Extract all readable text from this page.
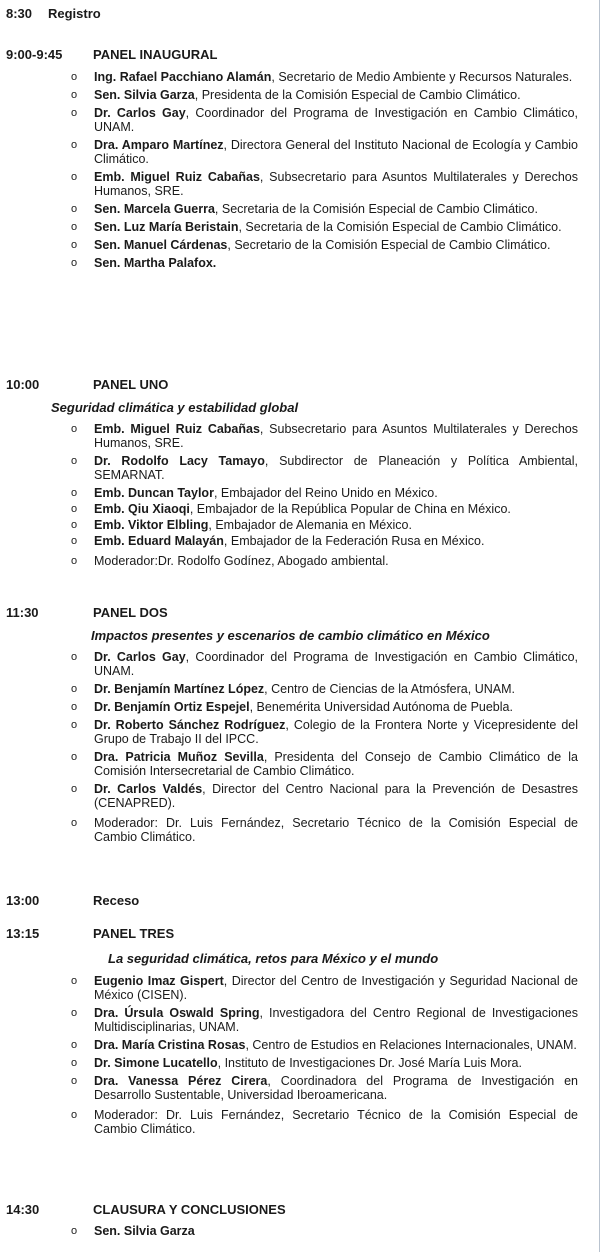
8:30 Registro
9:00-9:45 PANEL INAUGURAL
o Ing. Rafael Pacchiano Alamán, Secretario de Medio Ambiente y Recursos Naturales.
o Sen. Silvia Garza, Presidenta de la Comisión Especial de Cambio Climático.
o Dr. Carlos Gay, Coordinador del Programa de Investigación en Cambio Climático, UNAM.
o Dra. Amparo Martínez, Directora General del Instituto Nacional de Ecología y Cambio Climático.
o Emb. Miguel Ruiz Cabañas, Subsecretario para Asuntos Multilaterales y Derechos Humanos, SRE.
o Sen. Marcela Guerra, Secretaria de la Comisión Especial de Cambio Climático.
o Sen. Luz María Beristain, Secretaria de la Comisión Especial de Cambio Climático.
o Sen. Manuel Cárdenas, Secretario de la Comisión Especial de Cambio Climático.
o Sen. Martha Palafox.
10:00	PANEL UNO
Seguridad climática y estabilidad global
o Emb. Miguel Ruiz Cabañas, Subsecretario para Asuntos Multilaterales y Derechos Humanos, SRE.
o Dr. Rodolfo Lacy Tamayo, Subdirector de Planeación y Política Ambiental, SEMARNAT.
o Emb. Duncan Taylor, Embajador del Reino Unido en México.
o Emb. Qiu Xiaoqi, Embajador de la República Popular de China en México.
o Emb. Viktor Elbling, Embajador de Alemania en México.
o Emb. Eduard Malayán, Embajador de la Federación Rusa en México.
o Moderador:Dr. Rodolfo Godínez, Abogado ambiental.
11:30	PANEL DOS
Impactos presentes y escenarios de cambio climático en México
o Dr. Carlos Gay, Coordinador del Programa de Investigación en Cambio Climático, UNAM.
o Dr. Benjamín Martínez López, Centro de Ciencias de la Atmósfera, UNAM.
o Dr. Benjamín Ortiz Espejel, Benemérita Universidad Autónoma de Puebla.
o Dr. Roberto Sánchez Rodríguez, Colegio de la Frontera Norte y Vicepresidente del Grupo de Trabajo II del IPCC.
o Dra. Patricia Muñoz Sevilla, Presidenta del Consejo de Cambio Climático de la Comisión Intersecretarial de Cambio Climático.
o Dr. Carlos Valdés, Director del Centro Nacional para la Prevención de Desastres (CENAPRED).
o Moderador: Dr. Luis Fernández, Secretario Técnico de la Comisión Especial de Cambio Climático.
13:00	Receso
13:15	PANEL TRES
La seguridad climática, retos para México y el mundo
o Eugenio Imaz Gispert, Director del Centro de Investigación y Seguridad Nacional de México (CISEN).
o Dra. Úrsula Oswald Spring, Investigadora del Centro Regional de Investigaciones Multidisciplinarias, UNAM.
o Dra. María Cristina Rosas, Centro de Estudios en Relaciones Internacionales, UNAM.
o Dr. Simone Lucatello, Instituto de Investigaciones Dr. José María Luis Mora.
o Dra. Vanessa Pérez Cirera, Coordinadora del Programa de Investigación en Desarrollo Sustentable, Universidad Iberoamericana.
o Moderador: Dr. Luis Fernández, Secretario Técnico de la Comisión Especial de Cambio Climático.
14:30	CLAUSURA Y CONCLUSIONES
o Sen. Silvia Garza
